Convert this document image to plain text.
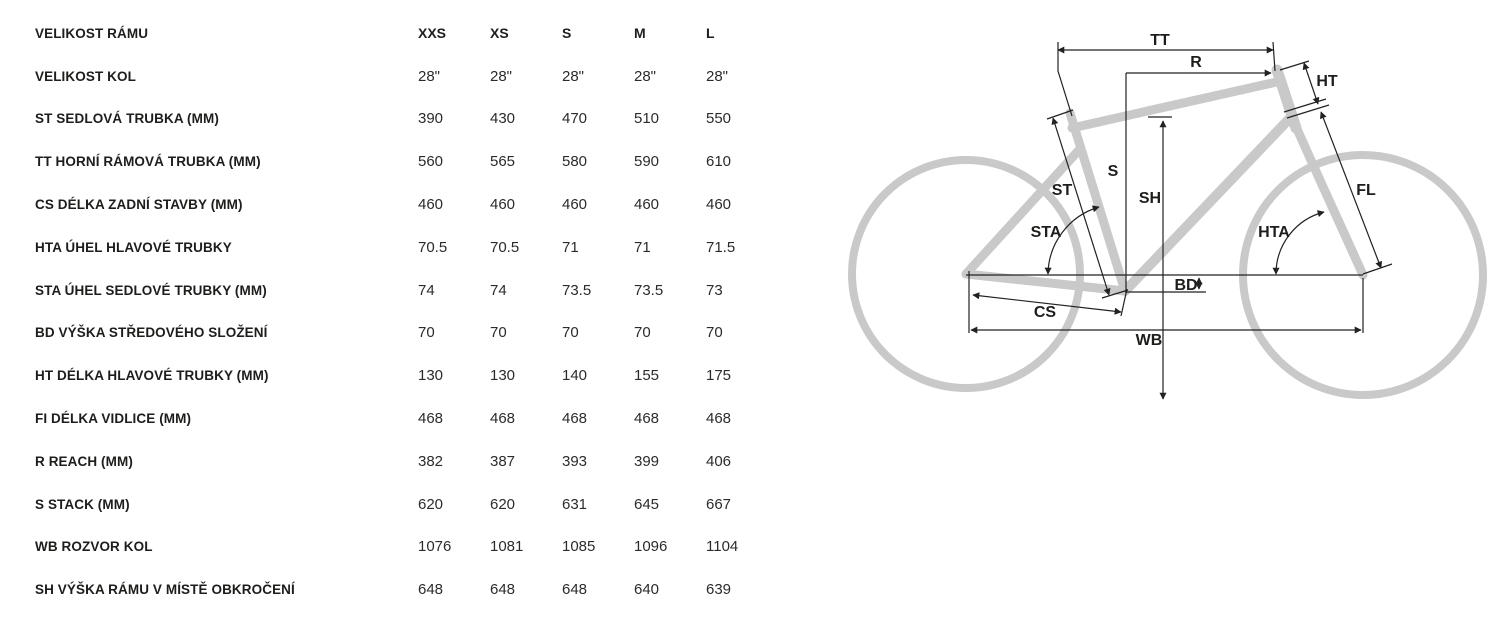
VELIKOST RÁMU	XXS	XS	S	M	L
VELIKOST KOL	28"	28"	28"	28"	28"
ST SEDLOVÁ TRUBKA (MM)	390	430	470	510	550
TT HORNÍ RÁMOVÁ TRUBKA (MM)	560	565	580	590	610
CS DÉLKA ZADNÍ STAVBY (MM)	460	460	460	460	460
HTA ÚHEL HLAVOVÉ TRUBKY	70.5	70.5	71	71	71.5
STA ÚHEL SEDLOVÉ TRUBKY (MM)	74	74	73.5	73.5	73
BD VÝŠKA STŘEDOVÉHO SLOŽENÍ	70	70	70	70	70
HT DÉLKA HLAVOVÉ TRUBKY (MM)	130	130	140	155	175
FI DÉLKA VIDLICE (MM)	468	468	468	468	468
R REACH (MM)	382	387	393	399	406
S STACK (MM)	620	620	631	645	667
WB ROZVOR KOL	1076	1081	1085	1096	1104
SH VÝŠKA RÁMU V MÍSTĚ OBKROČENÍ	648	648	648	640	639
TT
R
HT
ST
S
SH
STA	HTA
FL
BD
CS
WB
